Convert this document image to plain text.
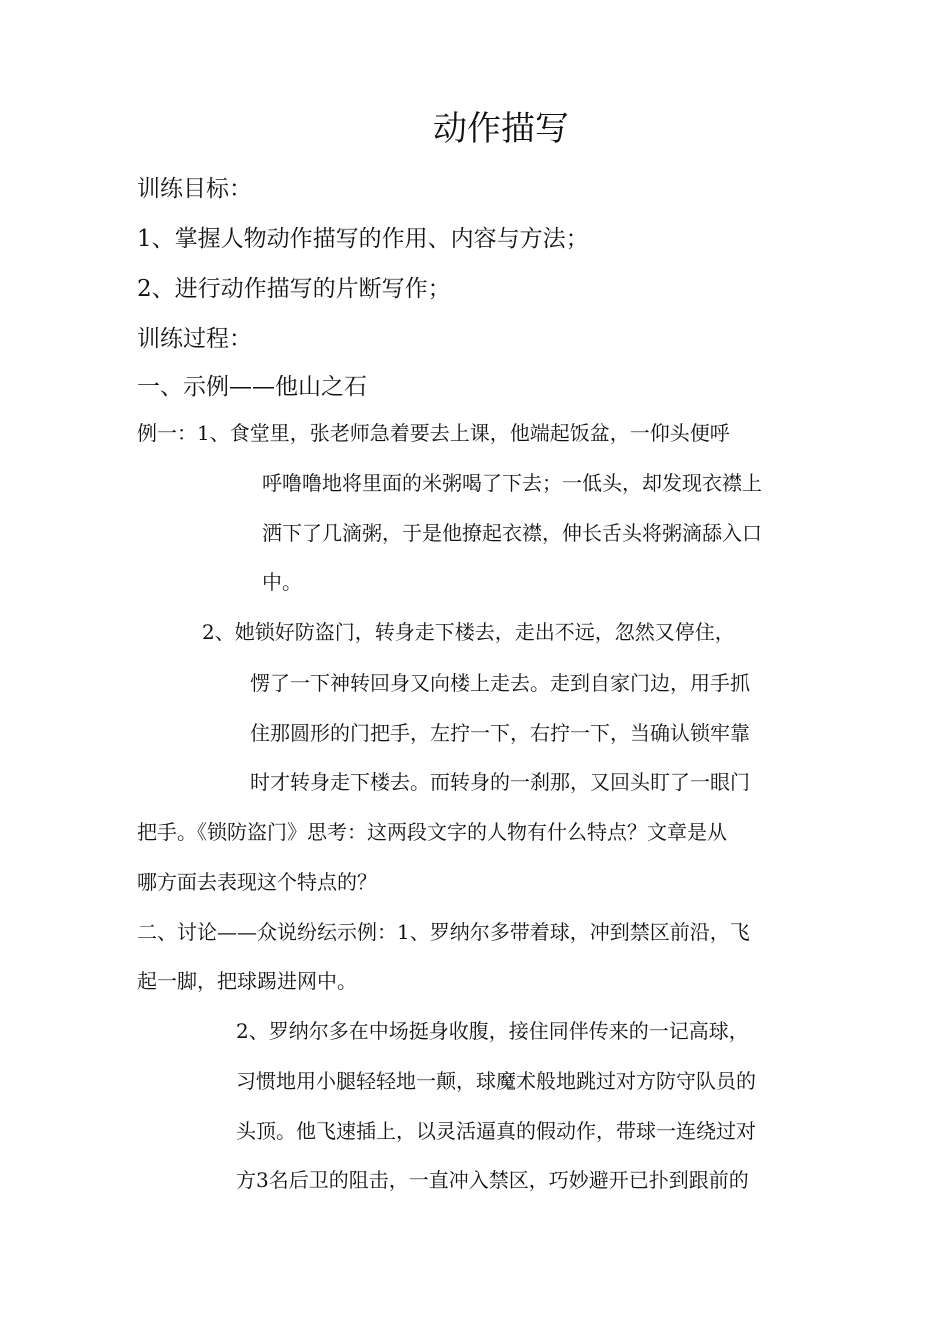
动作描写
训练目标：
1、掌握人物动作描写的作用、内容与方法；
2、进行动作描写的片断写作；
训练过程：
一、示例——他山之石
例一：1、食堂里，张老师急着要去上课，他端起饭盆，一仰头便呼
呼噜噜地将里面的米粥喝了下去；一低头，却发现衣襟上
洒下了几滴粥，于是他撩起衣襟，伸长舌头将粥滴舔入口
中。
2、她锁好防盗门，转身走下楼去，走出不远，忽然又停住，
愣了一下神转回身又向楼上走去。走到自家门边，用手抓
住那圆形的门把手，左拧一下，右拧一下，当确认锁牢靠
时才转身走下楼去。而转身的一刹那，又回头盯了一眼门
把手。《锁防盗门》思考：这两段文字的人物有什么特点？文章是从
哪方面去表现这个特点的？
二、讨论——众说纷纭示例：1、罗纳尔多带着球，冲到禁区前沿，飞
起一脚，把球踢进网中。
2、罗纳尔多在中场挺身收腹，接住同伴传来的一记高球，
习惯地用小腿轻轻地一颠，球魔术般地跳过对方防守队员的
头顶。他飞速插上，以灵活逼真的假动作，带球一连绕过对
方3名后卫的阻击，一直冲入禁区，巧妙避开已扑到跟前的
